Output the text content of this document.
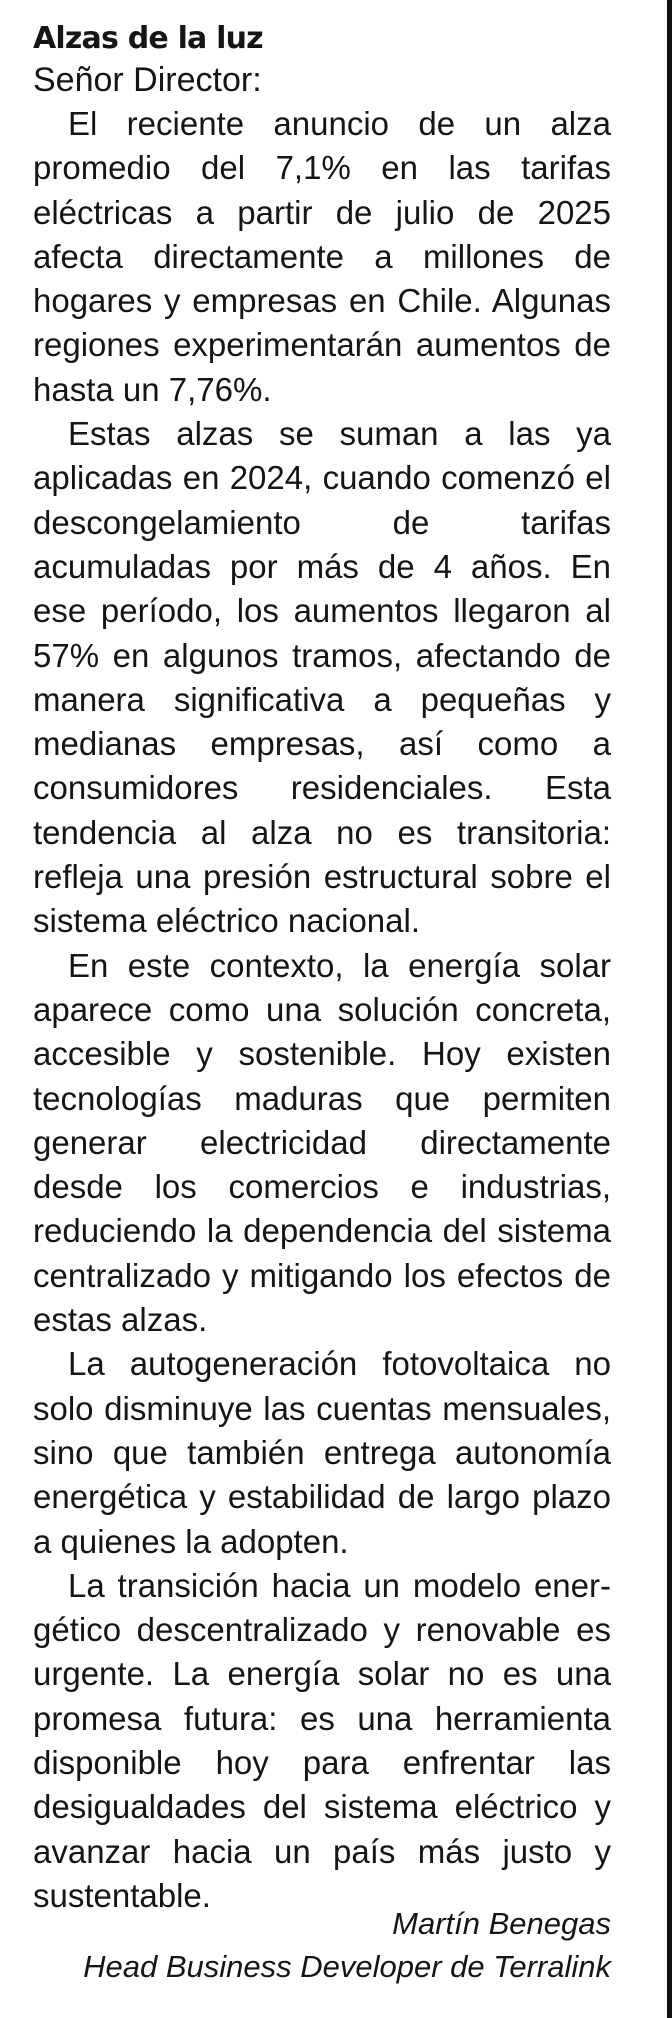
Alzas de la luz

Señor Director:

El reciente anuncio de un alza promedio del 7,1% en las tarifas eléctricas a partir de julio de 2025 afecta directamente a millones de hogares y empresas en Chile. Algunas regiones experimentarán aumentos de hasta un 7,76%.

Estas alzas se suman a las ya aplicadas en 2024, cuando comenzó el descongelamiento de tarifas acumuladas por más de 4 años. En ese período, los aumentos llegaron al 57% en algunos tramos, afectando de manera significativa a pequeñas y medianas empresas, así como a consumidores residenciales. Esta tendencia al alza no es transitoria: refleja una presión estructural sobre el sistema eléctrico nacional.

En este contexto, la energía solar aparece como una solución concreta, accesible y sostenible. Hoy existen tecnologías maduras que permiten generar electricidad directamente desde los comercios e industrias, reduciendo la dependencia del sistema centralizado y mitigando los efectos de estas alzas.

La autogeneración fotovoltaica no solo disminuye las cuentas mensuales, sino que también entrega autonomía energética y estabilidad de largo plazo a quienes la adopten.

La transición hacia un modelo energético descentralizado y renovable es urgente. La energía solar no es una promesa futura: es una herramienta disponible hoy para enfrentar las desigualdades del sistema eléctrico y avanzar hacia un país más justo y sustentable.

Martín Benegas
Head Business Developer de Terralink
